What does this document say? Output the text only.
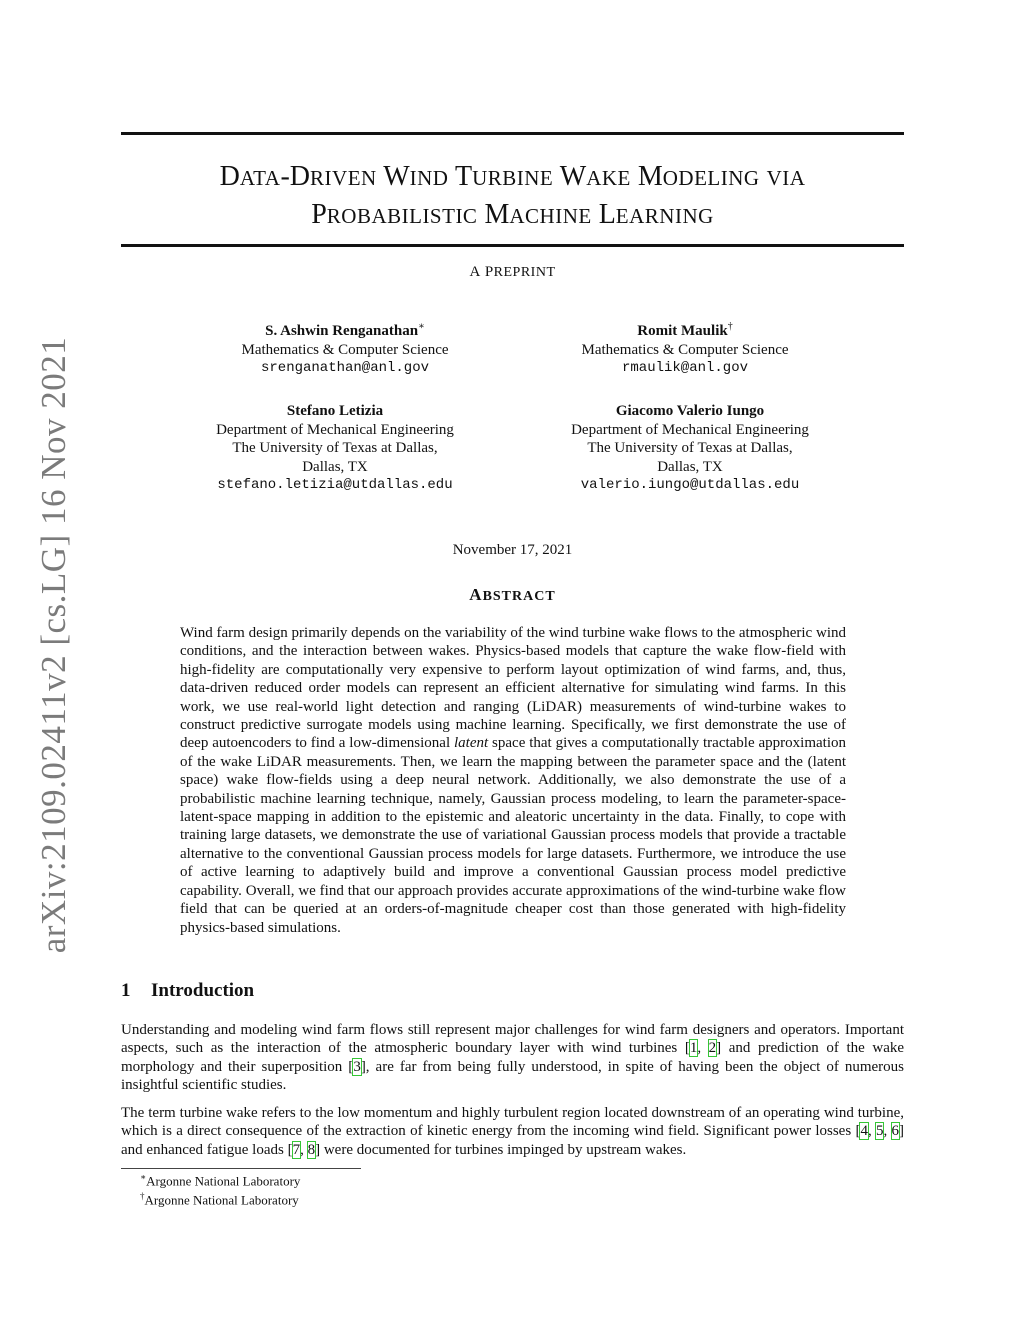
arXiv:2109.02411v2 [cs.LG] 16 Nov 2021
DATA-DRIVEN WIND TURBINE WAKE MODELING VIA
PROBABILISTIC MACHINE LEARNING
A PREPRINT
S. Ashwin Renganathan∗
Mathematics & Computer Science
srenganathan@anl.gov
Romit Maulik†
Mathematics & Computer Science
rmaulik@anl.gov
Stefano Letizia
Department of Mechanical Engineering
The University of Texas at Dallas,
Dallas, TX
stefano.letizia@utdallas.edu
Giacomo Valerio Iungo
Department of Mechanical Engineering
The University of Texas at Dallas,
Dallas, TX
valerio.iungo@utdallas.edu
November 17, 2021
ABSTRACT
Wind farm design primarily depends on the variability of the wind turbine wake flows to the atmospheric wind conditions, and the interaction between wakes. Physics-based models that capture the wake flow-field with high-fidelity are computationally very expensive to perform layout optimization of wind farms, and, thus, data-driven reduced order models can represent an efficient alternative for simulating wind farms. In this work, we use real-world light detection and ranging (LiDAR) measurements of wind-turbine wakes to construct predictive surrogate models using machine learning. Specifically, we first demonstrate the use of deep autoencoders to find a low-dimensional latent space that gives a computationally tractable approximation of the wake LiDAR measurements. Then, we learn the mapping between the parameter space and the (latent space) wake flow-fields using a deep neural network. Additionally, we also demonstrate the use of a probabilistic machine learning technique, namely, Gaussian process modeling, to learn the parameter-space-latent-space mapping in addition to the epistemic and aleatoric uncertainty in the data. Finally, to cope with training large datasets, we demonstrate the use of variational Gaussian process models that provide a tractable alternative to the conventional Gaussian process models for large datasets. Furthermore, we introduce the use of active learning to adaptively build and improve a conventional Gaussian process model predictive capability. Overall, we find that our approach provides accurate approximations of the wind-turbine wake flow field that can be queried at an orders-of-magnitude cheaper cost than those generated with high-fidelity physics-based simulations.
1 Introduction
Understanding and modeling wind farm flows still represent major challenges for wind farm designers and operators. Important aspects, such as the interaction of the atmospheric boundary layer with wind turbines [1, 2] and prediction of the wake morphology and their superposition [3], are far from being fully understood, in spite of having been the object of numerous insightful scientific studies.
The term turbine wake refers to the low momentum and highly turbulent region located downstream of an operating wind turbine, which is a direct consequence of the extraction of kinetic energy from the incoming wind field. Significant power losses [4, 5, 6] and enhanced fatigue loads [7, 8] were documented for turbines impinged by upstream wakes.
∗Argonne National Laboratory
†Argonne National Laboratory
